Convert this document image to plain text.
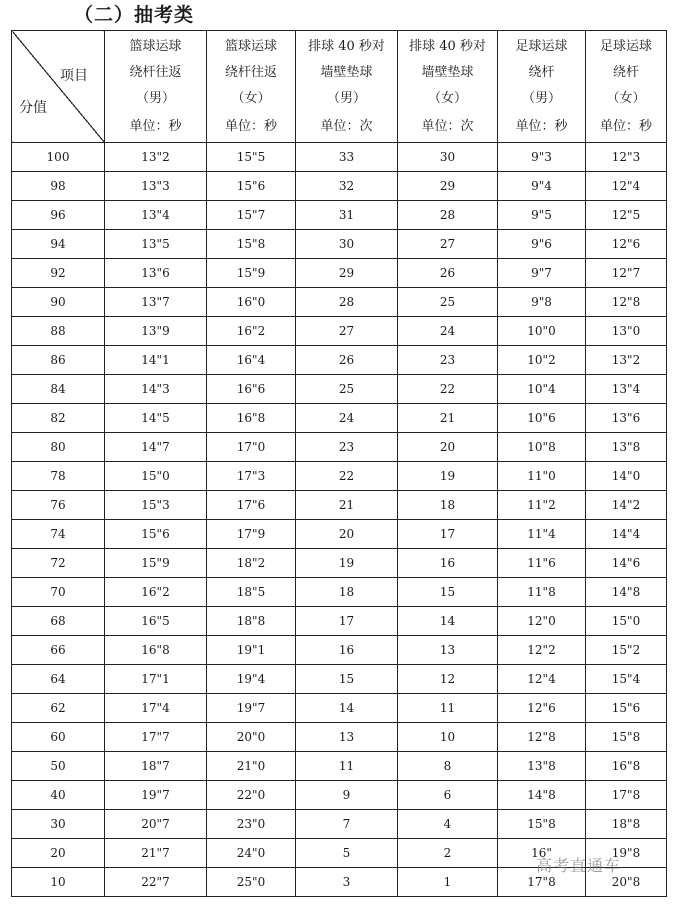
（二）抽考类
项目
分值	篮球运球
绕杆往返
（男）
单位：秒	篮球运球
绕杆往返
（女）
单位：秒	排球 40 秒对
墙壁垫球
（男）
单位：次	排球 40 秒对
墙壁垫球
（女）
单位：次	足球运球
绕杆
（男）
单位：秒	足球运球
绕杆
（女）
单位：秒

100	13"2	15"5	33	30	9"3	12"3
98	13"3	15"6	32	29	9"4	12"4
96	13"4	15"7	31	28	9"5	12"5
94	13"5	15"8	30	27	9"6	12"6
92	13"6	15"9	29	26	9"7	12"7
90	13"7	16"0	28	25	9"8	12"8
88	13"9	16"2	27	24	10"0	13"0
86	14"1	16"4	26	23	10"2	13"2
84	14"3	16"6	25	22	10"4	13"4
82	14"5	16"8	24	21	10"6	13"6
80	14"7	17"0	23	20	10"8	13"8
78	15"0	17"3	22	19	11"0	14"0
76	15"3	17"6	21	18	11"2	14"2
74	15"6	17"9	20	17	11"4	14"4
72	15"9	18"2	19	16	11"6	14"6
70	16"2	18"5	18	15	11"8	14"8
68	16"5	18"8	17	14	12"0	15"0
66	16"8	19"1	16	13	12"2	15"2
64	17"1	19"4	15	12	12"4	15"4
62	17"4	19"7	14	11	12"6	15"6
60	17"7	20"0	13	10	12"8	15"8
50	18"7	21"0	11	8	13"8	16"8
40	19"7	22"0	9	6	14"8	17"8
30	20"7	23"0	7	4	15"8	18"8
20	21"7	24"0	5	2	16"	19"8
10	22"7	25"0	3	1	17"8	20"8
高考直通车
